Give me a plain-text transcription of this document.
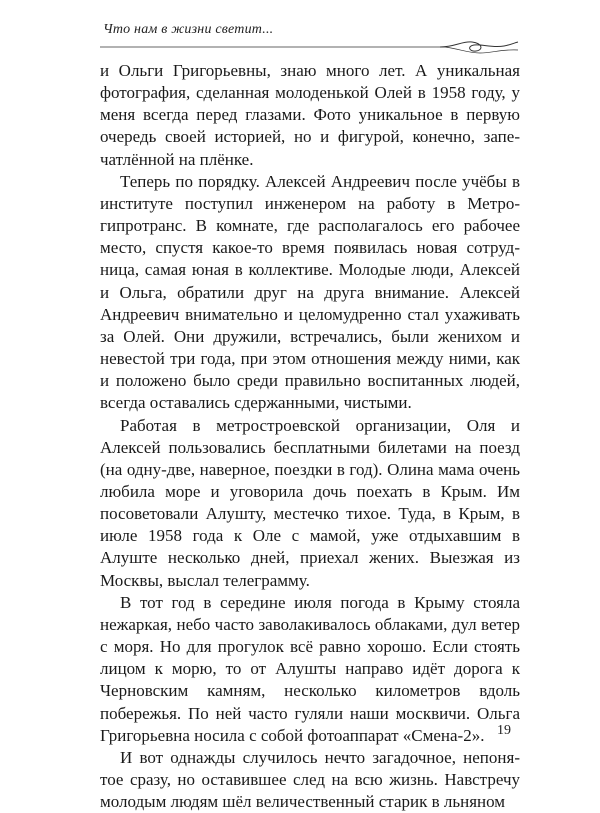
Что нам в жизни светит...

и Ольги Григорьевны, знаю много лет. А уникальная фотография, сделанная молоденькой Олей в 1958 году, у меня всегда перед глазами. Фото уникальное в первую очередь своей историей, но и фигурой, конечно, запечатлённой на плёнке.

Теперь по порядку. Алексей Андреевич после учёбы в институте поступил инженером на работу в Метрогипротранс. В комнате, где располагалось его рабочее место, спустя какое-то время появилась новая сотрудница, самая юная в коллективе. Молодые люди, Алексей и Ольга, обратили друг на друга внимание. Алексей Андреевич внимательно и целомудренно стал ухаживать за Олей. Они дружили, встречались, были женихом и невестой три года, при этом отношения между ними, как и положено было среди правильно воспитанных людей, всегда оставались сдержанными, чистыми.

Работая в метростроевской организации, Оля и Алексей пользовались бесплатными билетами на поезд (на одну-две, наверное, поездки в год). Олина мама очень любила море и уговорила дочь поехать в Крым. Им посоветовали Алушту, местечко тихое. Туда, в Крым, в июле 1958 года к Оле с мамой, уже отдыхавшим в Алуште несколько дней, приехал жених. Выезжая из Москвы, выслал телеграмму.

В тот год в середине июля погода в Крыму стояла нежаркая, небо часто заволакивалось облаками, дул ветер с моря. Но для прогулок всё равно хорошо. Если стоять лицом к морю, то от Алушты направо идёт дорога к Черновским камням, несколько километров вдоль побережья. По ней часто гуляли наши москвичи. Ольга Григорьевна носила с собой фотоаппарат «Смена-2».

И вот однажды случилось нечто загадочное, непонятое сразу, но оставившее след на всю жизнь. Навстречу молодым людям шёл величественный старик в льняном

19
